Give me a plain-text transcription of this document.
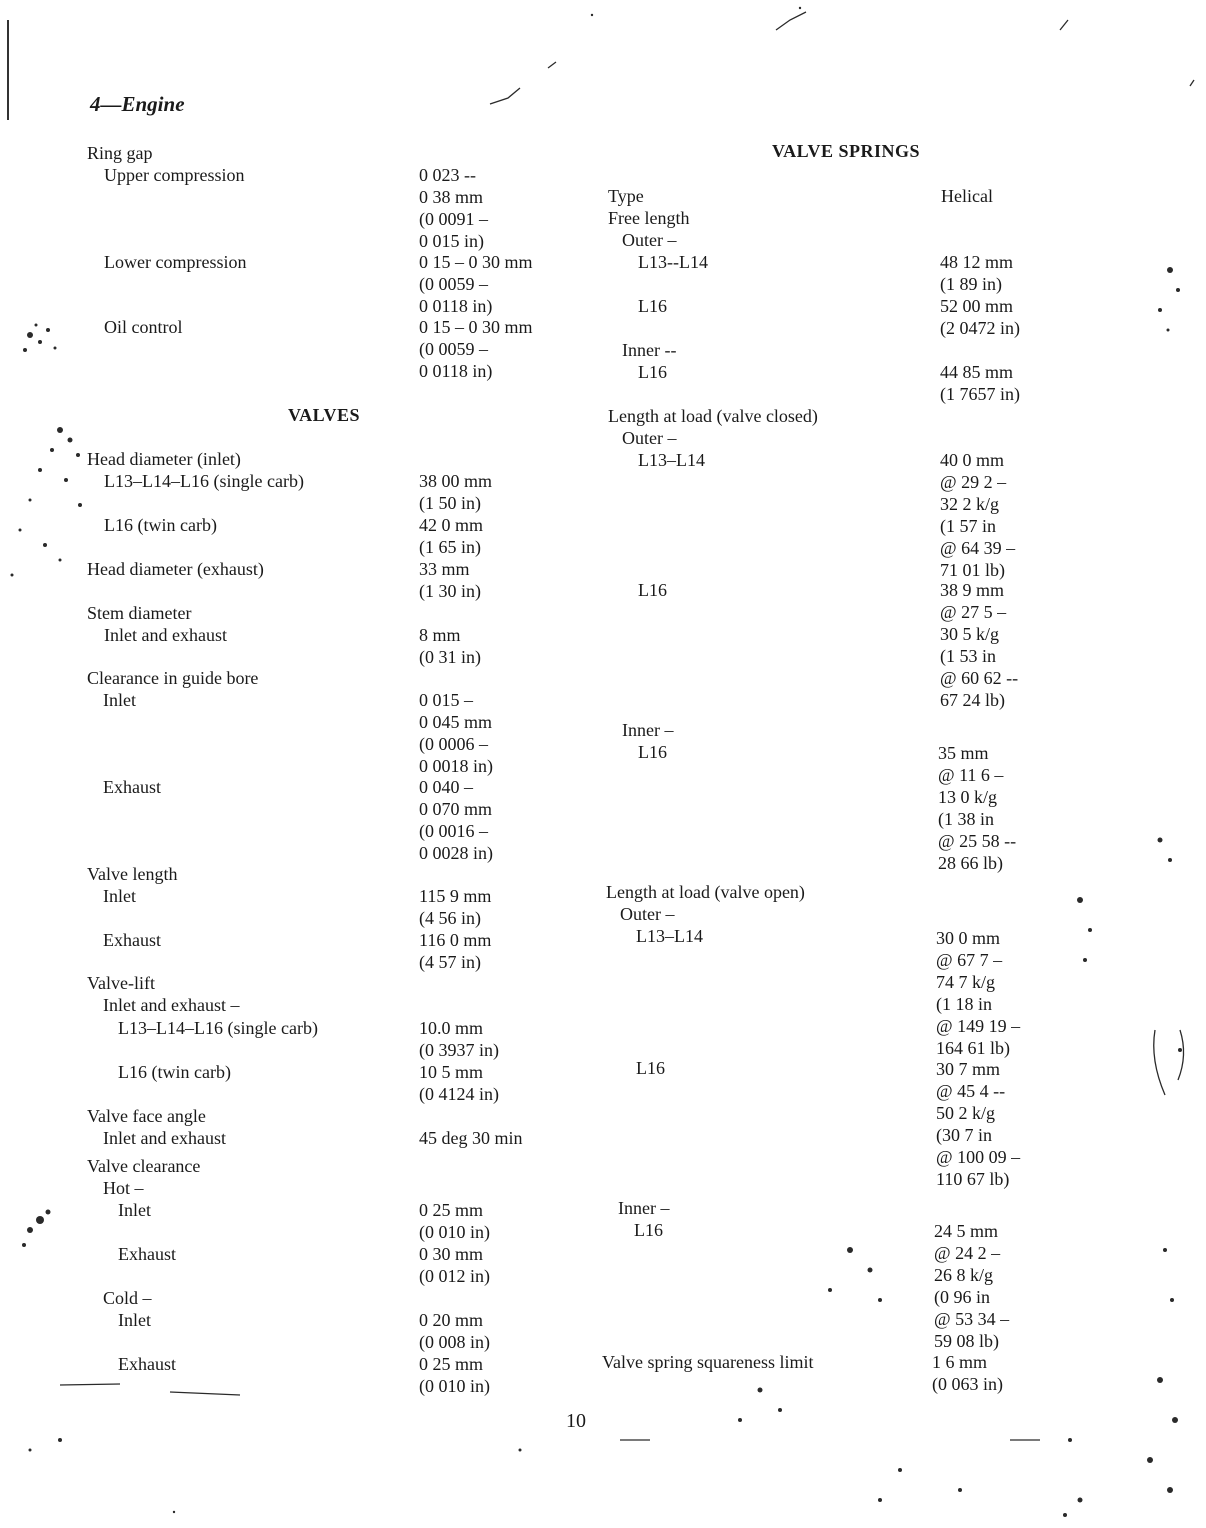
4—Engine
Ring gap
Upper compression	0 023 --
0 38 mm
(0 0091 –
0 015 in)
Lower compression	0 15 – 0 30 mm
(0 0059 –
0 0118 in)
Oil control	0 15 – 0 30 mm
(0 0059 –
0 0118 in)
VALVES
Head diameter (inlet)
L13–L14–L16 (single carb)	38 00 mm
(1 50 in)
L16 (twin carb)	42 0 mm
(1 65 in)
Head diameter (exhaust)	33 mm
(1 30 in)
Stem diameter
Inlet and exhaust	8 mm
(0 31 in)
Clearance in guide bore
Inlet	0 015 –
0 045 mm
(0 0006 –
0 0018 in)
Exhaust	0 040 –
0 070 mm
(0 0016 –
0 0028 in)
Valve length
Inlet	115 9 mm
(4 56 in)
Exhaust	116 0 mm
(4 57 in)
Valve-lift
Inlet and exhaust –
L13–L14–L16 (single carb)	10.0 mm
(0 3937 in)
L16 (twin carb)	10 5 mm
(0 4124 in)
Valve face angle
Inlet and exhaust	45 deg 30 min
Valve clearance
Hot –
Inlet	0 25 mm
(0 010 in)
Exhaust	0 30 mm
(0 012 in)
Cold –
Inlet	0 20 mm
(0 008 in)
Exhaust	0 25 mm
(0 010 in)
VALVE SPRINGS
Type	Helical
Free length
Outer –
L13--L14	48 12 mm
(1 89 in)
L16	52 00 mm
(2 0472 in)
Inner --
L16	44 85 mm
(1 7657 in)
Length at load (valve closed)
Outer –
L13–L14	40 0 mm
@ 29 2 –
32 2 k/g
(1 57 in
@ 64 39 –
71 01 lb)
L16	38 9 mm
@ 27 5 –
30 5 k/g
(1 53 in
@ 60 62 --
67 24 lb)
Inner –
L16	35 mm
@ 11 6 –
13 0 k/g
(1 38 in
@ 25 58 --
28 66 lb)
Length at load (valve open)
Outer –
L13–L14	30 0 mm
@ 67 7 –
74 7 k/g
(1 18 in
@ 149 19 –
164 61 lb)
L16	30 7 mm
@ 45 4 --
50 2 k/g
(30 7 in
@ 100 09 –
110 67 lb)
Inner –
L16	24 5 mm
@ 24 2 –
26 8 k/g
(0 96 in
@ 53 34 –
59 08 lb)
Valve spring squareness limit	1 6 mm
(0 063 in)
10
